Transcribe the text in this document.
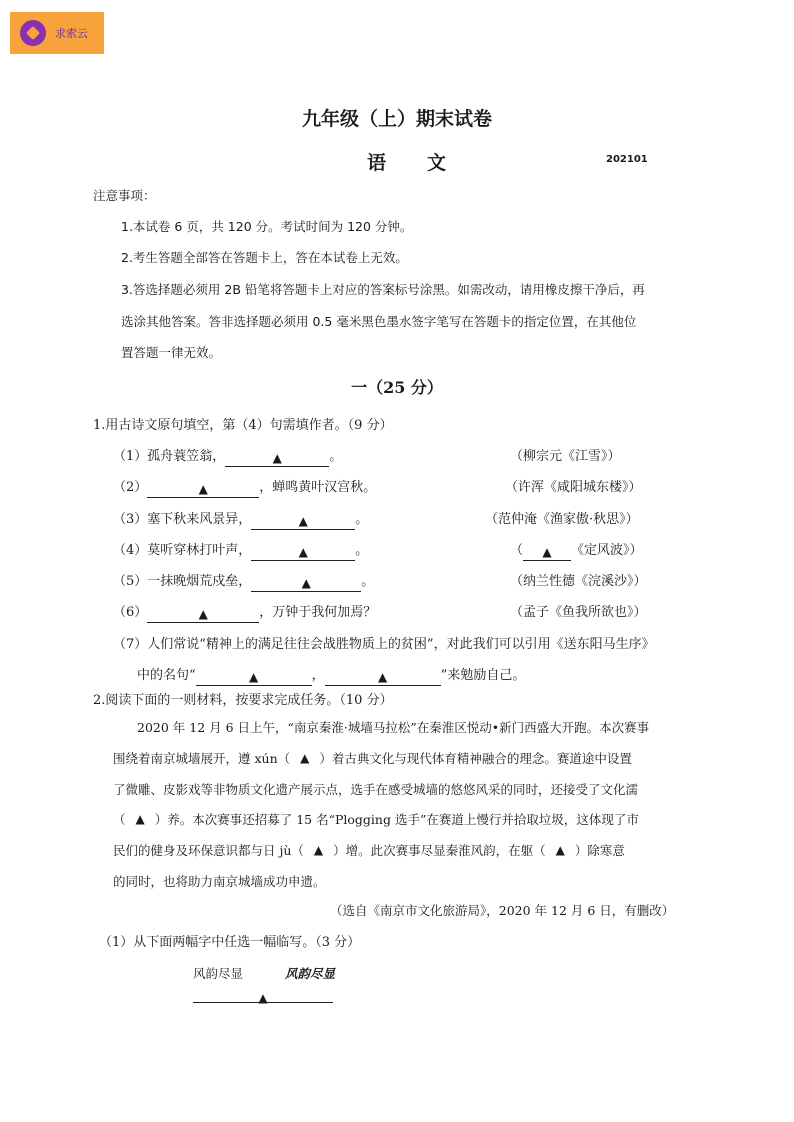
求索云
九年级（上）期末试卷
语　　文	202101
注意事项：
1.本试卷 6 页，共 120 分。考试时间为 120 分钟。
2.考生答题全部答在答题卡上，答在本试卷上无效。
3.答选择题必须用 2B 铅笔将答题卡上对应的答案标号涂黑。如需改动，请用橡皮擦干净后，再
选涂其他答案。答非选择题必须用 0.5 毫米黑色墨水签字笔写在答题卡的指定位置，在其他位
置答题一律无效。
一（25 分）
1.用古诗文原句填空，第（4）句需填作者。（9 分）
（1）孤舟蓑笠翁，	▲	。	（柳宗元《江雪》）
（2）	▲	，蝉鸣黄叶汉宫秋。	（许浑《咸阳城东楼》）
（3）塞下秋来风景异，	▲	。	（范仲淹《渔家傲·秋思》）
（4）莫听穿林打叶声，	▲	。	（ ▲ 《定风波》）
（5）一抹晚烟荒戍垒，	▲	。	（纳兰性德《浣溪沙》）
（6）	▲	，万钟于我何加焉？	（孟子《鱼我所欲也》）
（7）人们常说“精神上的满足往往会战胜物质上的贫困”，对此我们可以引用《送东阳马生序》
中的名句“	▲	，	▲	”来勉励自己。
2.阅读下面的一则材料，按要求完成任务。（10 分）
2020 年 12 月 6 日上午，“南京秦淮·城墙马拉松”在秦淮区悦动•新门西盛大开跑。本次赛事
围绕着南京城墙展开，遵 xún（ ▲ ）着古典文化与现代体育精神融合的理念。赛道途中设置
了微雕、皮影戏等非物质文化遗产展示点，选手在感受城墙的悠悠风采的同时，还接受了文化濡
（ ▲ ）养。本次赛事还招募了 15 名“Plogging 选手”在赛道上慢行并拾取垃圾，这体现了市
民们的健身及环保意识都与日 jù（ ▲ ）增。此次赛事尽显秦淮风韵，在躯（ ▲ ）除寒意
的同时，也将助力南京城墙成功申遗。
（选自《南京市文化旅游局》，2020 年 12 月 6 日，有删改）
（1）从下面两幅字中任选一幅临写。（3 分）
风韵尽显	风韵尽显
▲
